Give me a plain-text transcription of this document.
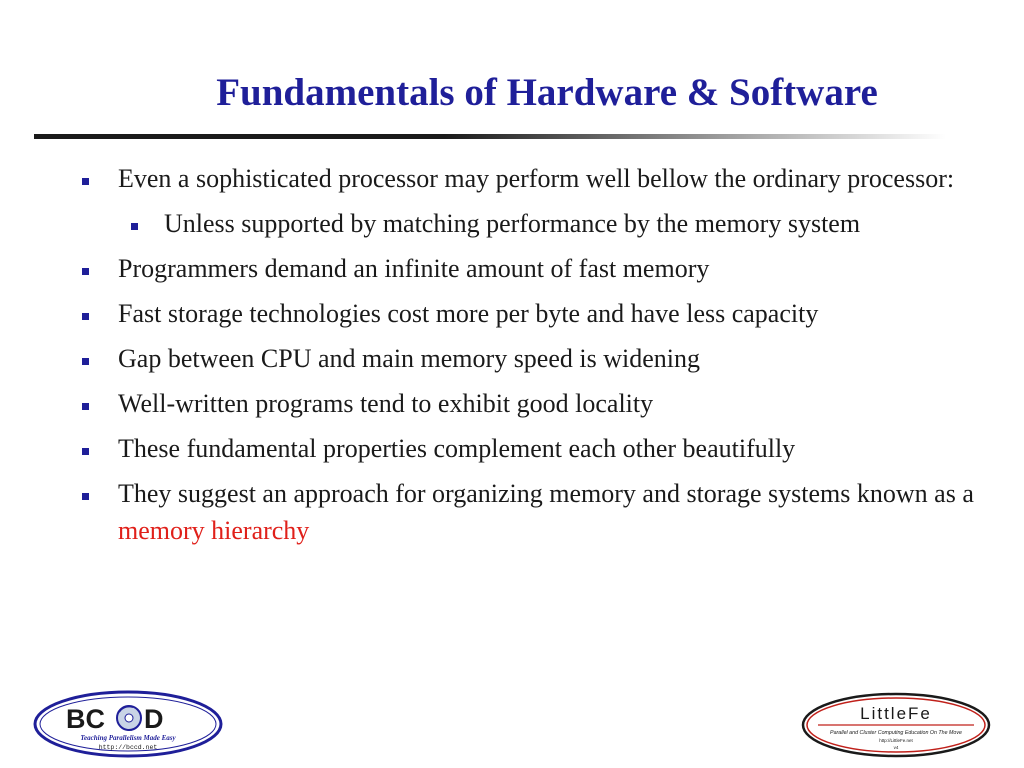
Fundamentals of Hardware & Software
Even a sophisticated processor may perform well bellow the ordinary processor:
Unless supported by matching performance by the memory system
Programmers demand an infinite amount of fast memory
Fast storage technologies cost more per byte and have less capacity
Gap between CPU and main memory speed is widening
Well-written programs tend to exhibit good locality
These fundamental properties complement each other beautifully
They suggest an approach for organizing memory and storage systems known as a memory hierarchy
BC D
Teaching Parallelism Made Easy
http://bccd.net
LittleFe
Parallel and Cluster Computing Education On The Move
http://LittleFe.net
v4
